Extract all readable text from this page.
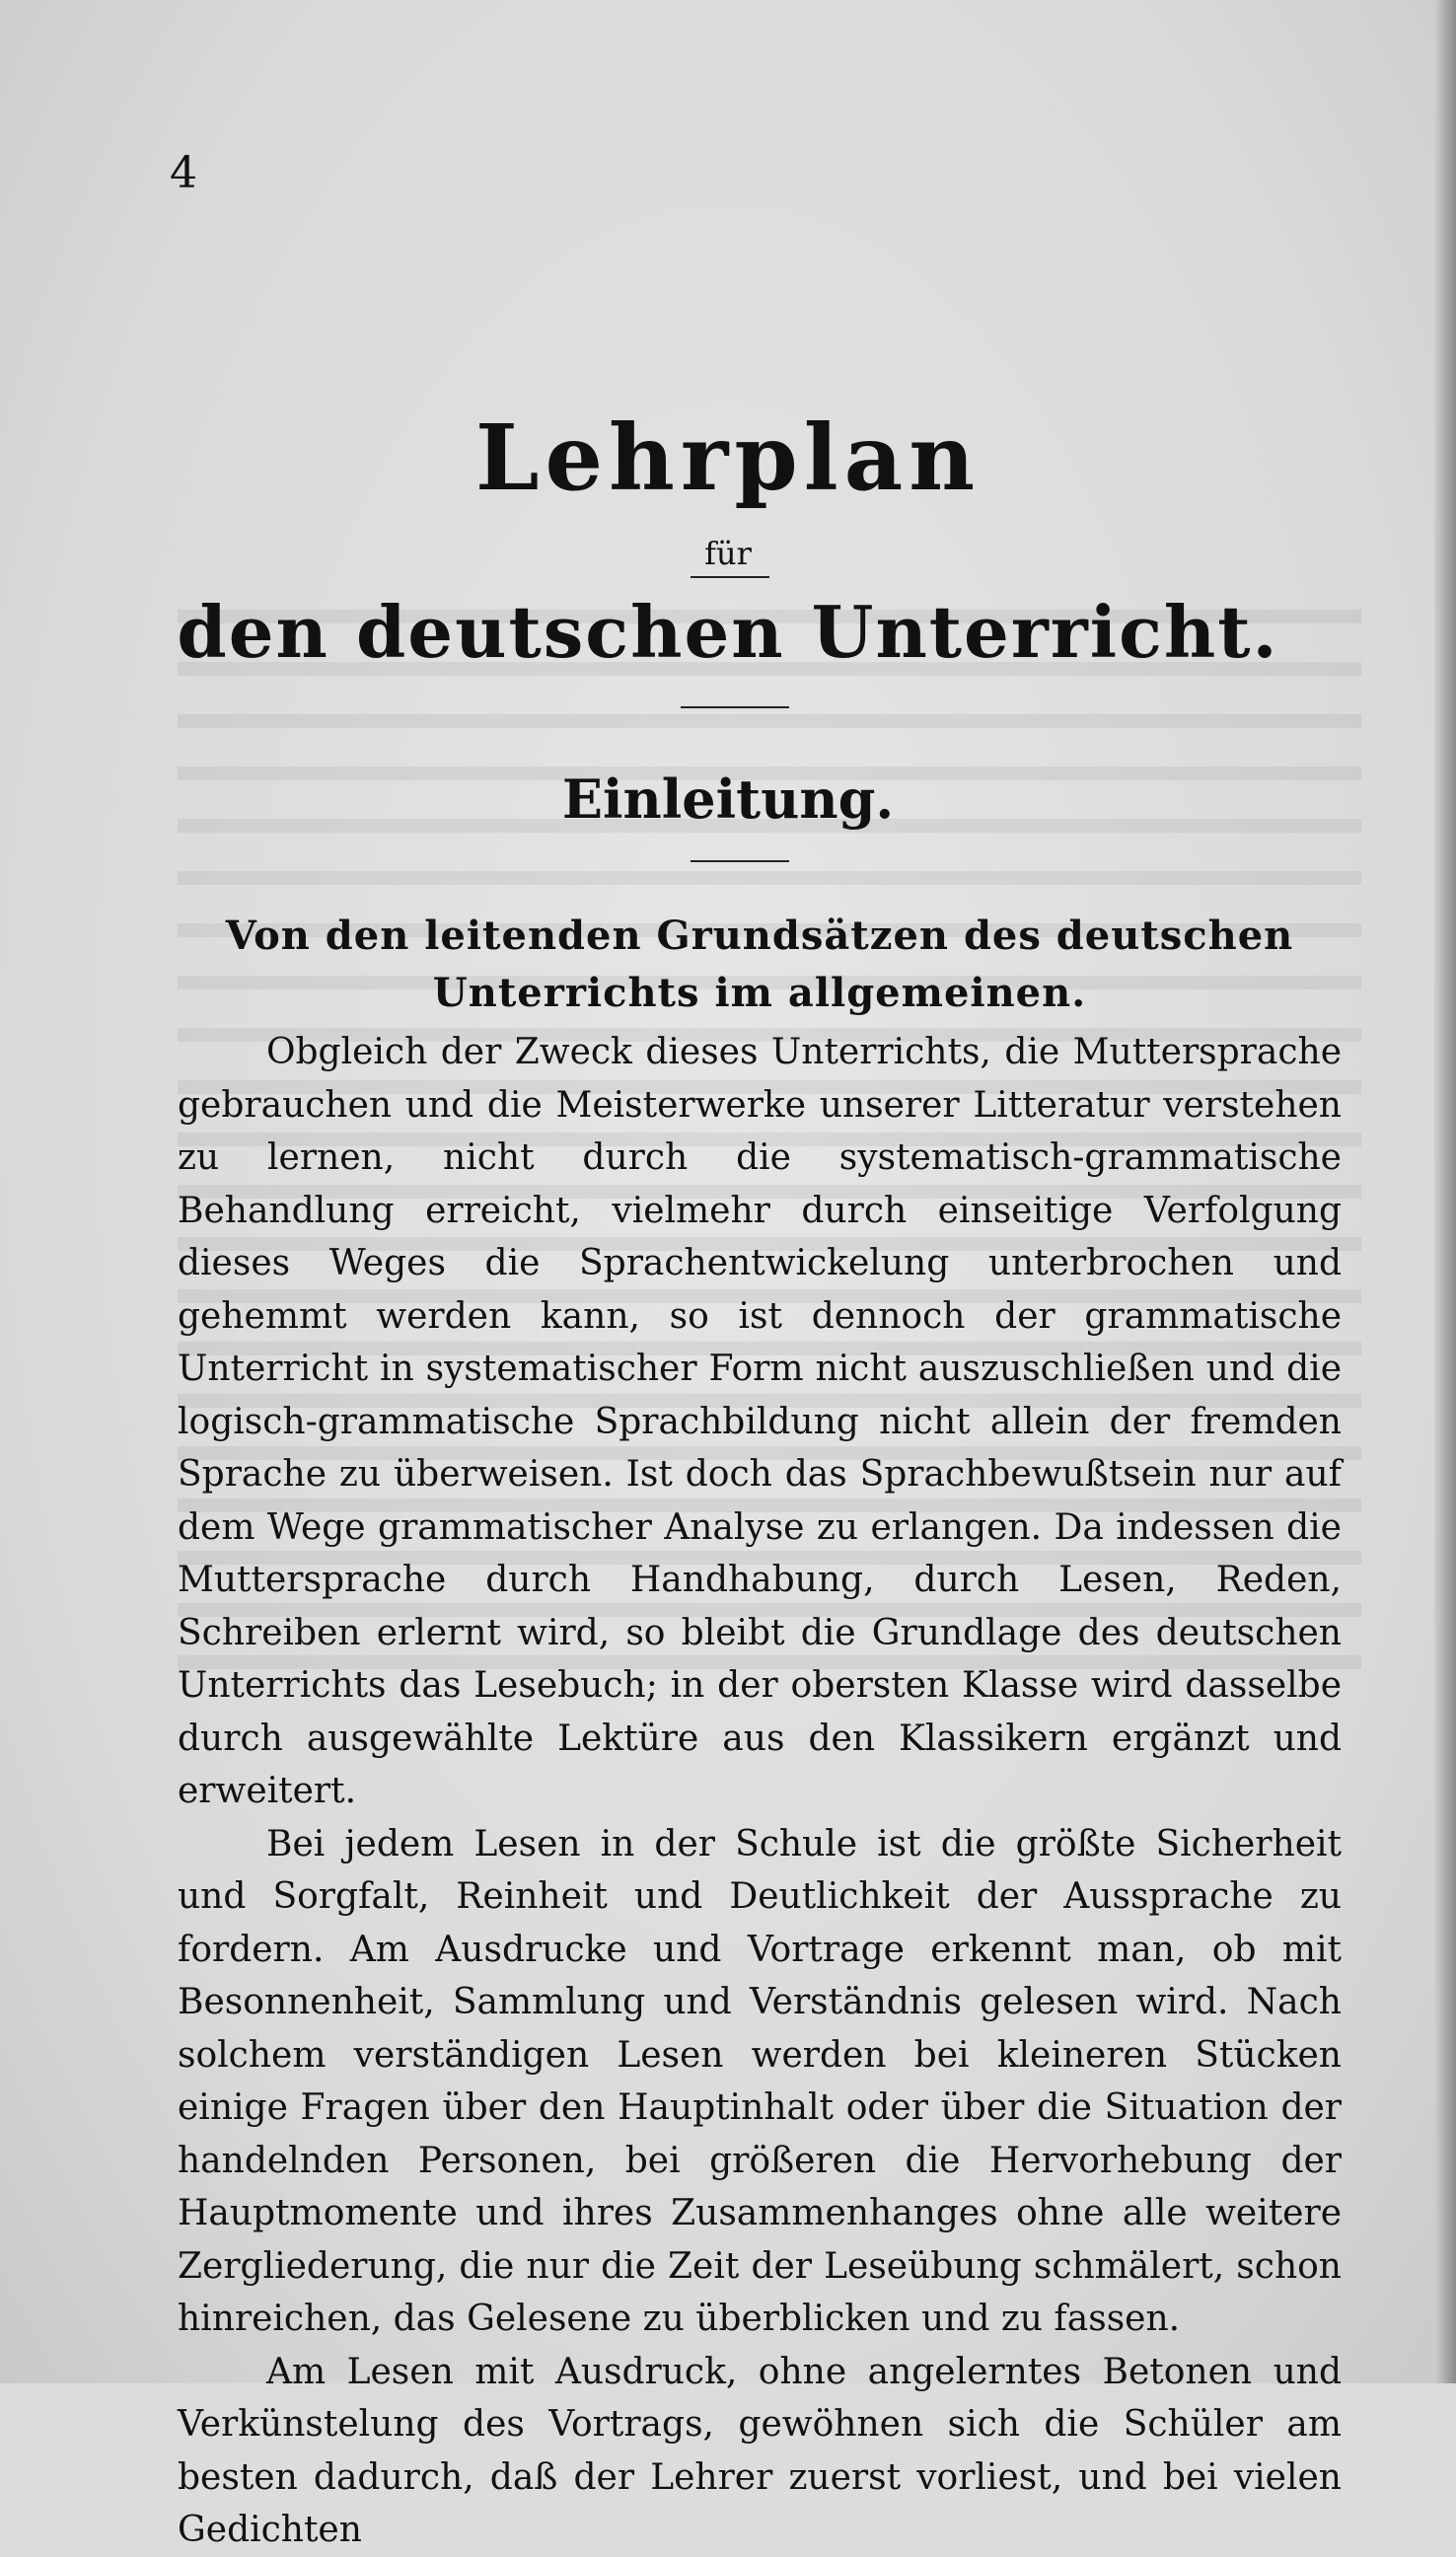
4
Lehrplan
für
den deutschen Unterricht.
Einleitung.
Von den leitenden Grundsätzen des deutschen Unterrichts im allgemeinen.

Obgleich der Zweck dieses Unterrichts, die Muttersprache gebrauchen und die Meisterwerke unserer Litteratur verstehen zu lernen, nicht durch die systematisch-grammatische Behandlung erreicht, vielmehr durch einseitige Verfolgung dieses Weges die Sprachentwickelung unterbrochen und gehemmt werden kann, so ist dennoch der grammatische Unterricht in systematischer Form nicht auszuschließen und die logisch-grammatische Sprachbildung nicht allein der fremden Sprache zu überweisen. Ist doch das Sprachbewußtsein nur auf dem Wege grammatischer Analyse zu erlangen. Da indessen die Muttersprache durch Handhabung, durch Lesen, Reden, Schreiben erlernt wird, so bleibt die Grundlage des deutschen Unterrichts das Lesebuch; in der obersten Klasse wird dasselbe durch ausgewählte Lektüre aus den Klassikern ergänzt und erweitert.

Bei jedem Lesen in der Schule ist die größte Sicherheit und Sorgfalt, Reinheit und Deutlichkeit der Aussprache zu fordern. Am Ausdrucke und Vortrage erkennt man, ob mit Besonnenheit, Sammlung und Verständnis gelesen wird. Nach solchem verständigen Lesen werden bei kleineren Stücken einige Fragen über den Hauptinhalt oder über die Situation der handelnden Personen, bei größeren die Hervorhebung der Hauptmomente und ihres Zusammenhanges ohne alle weitere Zergliederung, die nur die Zeit der Leseübung schmälert, schon hinreichen, das Gelesene zu überblicken und zu fassen.

Am Lesen mit Ausdruck, ohne angelerntes Betonen und Verkünstelung des Vortrags, gewöhnen sich die Schüler am besten dadurch, daß der Lehrer zuerst vorliest, und bei vielen Gedichten
